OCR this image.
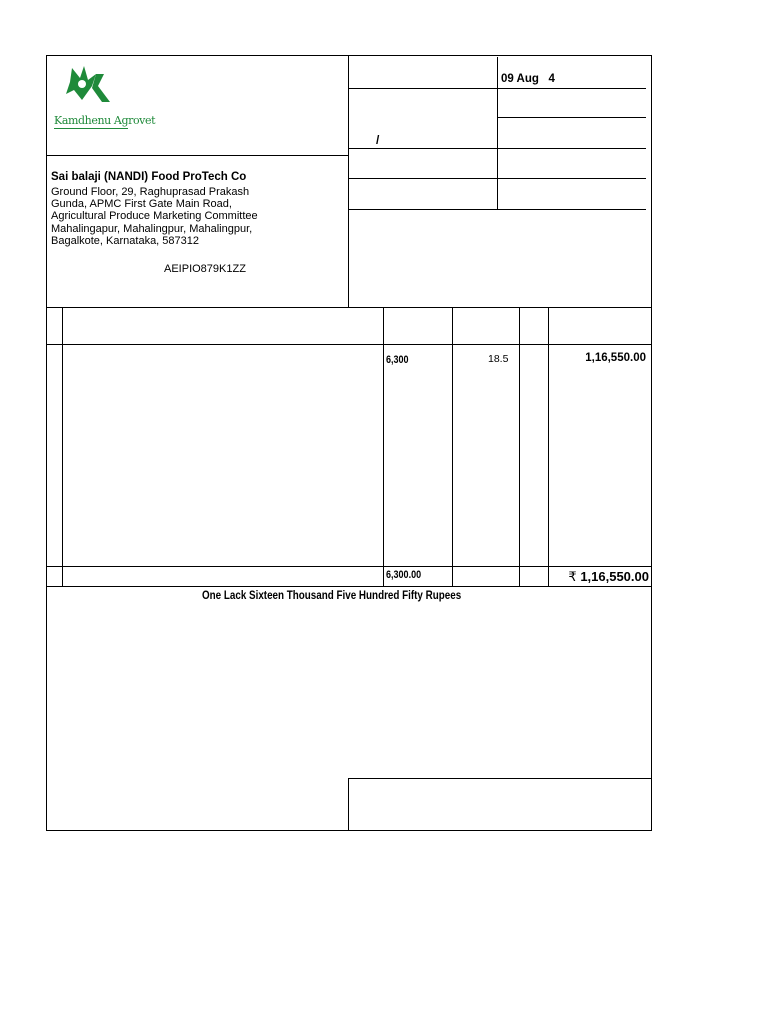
Kamdhenu Agrovet
Sai balaji (NANDI) Food ProTech Co
Ground Floor, 29, Raghuprasad Prakash Gunda, APMC First Gate Main Road, Agricultural Produce Marketing Committee Mahalingapur, Mahalingpur, Mahalingpur, Bagalkote, Karnataka, 587312
AEIPIO879K1ZZ
09 Aug   4
/
6,300	18.5	1,16,550.00
6,300.00	₹ 1,16,550.00
One Lack Sixteen Thousand Five Hundred Fifty Rupees
